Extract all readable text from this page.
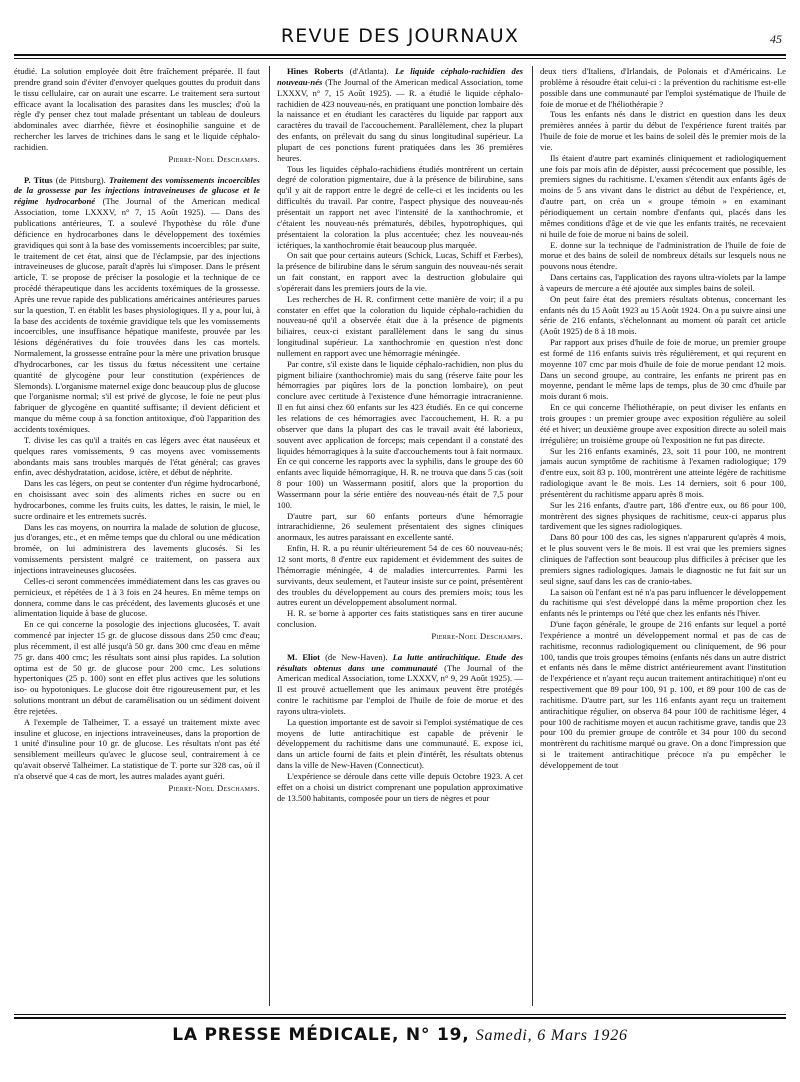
REVUE DES JOURNAUX	45

étudié. La solution employée doit être fraîchement préparée. Il faut prendre grand soin d'éviter d'envoyer quelques gouttes du produit dans le tissu cellulaire, car on aurait une escarre. Le traitement sera surtout efficace avant la localisation des parasites dans les muscles; d'où la règle d'y penser chez tout malade présentant un tableau de douleurs abdominales avec diarrhée, fièvre et éosinophilie sanguine et de rechercher les larves de trichines dans le sang et le liquide céphalo-rachidien.

Pierre-Noel Deschamps.

P. Titus (de Pittsburg). Traitement des vomissements incoercibles de la grossesse par les injections intraveineuses de glucose et le régime hydrocarboné (The Journal of the American medical Association, tome LXXXV, n° 7, 15 Août 1925). — Dans des publications antérieures, T. a soulevé l'hypothèse du rôle d'une déficience en hydrocarbones dans le développement des toxémies gravidiques qui sont à la base des vomissements incoercibles; par suite, le traitement de cet état, ainsi que de l'éclampsie, par des injections intraveineuses de glucose, paraît d'après lui s'imposer. Dans le présent article, T. se propose de préciser la posologie et la technique de ce procédé thérapeutique dans les accidents toxémiques de la grossesse. Après une revue rapide des publications américaines antérieures parues sur la question, T. en établit les bases physiologiques. Il y a, pour lui, à la base des accidents de toxémie gravidique tels que les vomissements incoercibles, une insuffisance hépatique manifeste, prouvée par les lésions dégénératives du foie trouvées dans les cas mortels. Normalement, la grossesse entraîne pour la mère une privation brusque d'hydrocarbones, car les tissus du fœtus nécessitent une certaine quantité de glycogène pour leur constitution (expériences de Slemonds). L'organisme maternel exige donc beaucoup plus de glucose que l'organisme normal; s'il est privé de glycose, le foie ne peut plus fabriquer de glycogène en quantité suffisante; il devient déficient et manque du même coup à sa fonction antitoxique, d'où l'apparition des accidents toxémiques.

T. divise les cas qu'il a traités en cas légers avec état nauséeux et quelques rares vomissements, 9 cas moyens avec vomissements abondants mais sans troubles marqués de l'état général; cas graves enfin, avec déshydratation, acidose, ictère, et début de néphrite.

Dans les cas légers, on peut se contenter d'un régime hydrocarboné, en choisissant avec soin des aliments riches en sucre ou en hydrocarbones, comme les fruits cuits, les dattes, le raisin, le miel, le sucre ordinaire et les entremets sucrés.

Dans les cas moyens, on nourrira la malade de solution de glucose, jus d'oranges, etc., et en même temps que du chloral ou une médication bromée, on lui administrera des lavements glucosés. Si les vomissements persistent malgré ce traitement, on passera aux injections intraveineuses glucosées.

Celles-ci seront commencées immédiatement dans les cas graves ou pernicieux, et répétées de 1 à 3 fois en 24 heures. En même temps on donnera, comme dans le cas précédent, des lavements glucosés et une alimentation liquide à base de glucose.

En ce qui concerne la posologie des injections glucosées, T. avait commencé par injecter 15 gr. de glucose dissous dans 250 cmc d'eau; plus récemment, il est allé jusqu'à 50 gr. dans 300 cmc d'eau en même 75 gr. dans 400 cmc; les résultats sont ainsi plus rapides. La solution optima est de 50 gr. de glucose pour 200 cmc. Les solutions hypertoniques (25 p. 100) sont en effet plus actives que les solutions iso- ou hypotoniques. Le glucose doit être rigoureusement pur, et les solutions montrant un début de caramélisation ou un sédiment doivent être rejetées.

A l'exemple de Talheimer, T. a essayé un traitement mixte avec insuline et glucose, en injections intraveineuses, dans la proportion de 1 unité d'insuline pour 10 gr. de glucose. Les résultats n'ont pas été sensiblement meilleurs qu'avec le glucose seul, contrairement à ce qu'avait observé Talheimer. La statistique de T. porte sur 328 cas, où il n'a observé que 4 cas de mort, les autres malades ayant guéri.

Pierre-Noel Deschamps.

Hines Roberts (d'Atlanta). Le liquide céphalo-rachidien des nouveau-nés (The Journal of the American medical Association, tome LXXXV, n° 7, 15 Août 1925). — R. a étudié le liquide céphalo-rachidien de 423 nouveau-nés, en pratiquant une ponction lombaire dès la naissance et en étudiant les caractères du liquide par rapport aux caractères du travail de l'accouchement. Parallèlement, chez la plupart des enfants, on prélevait du sang du sinus longitudinal supérieur. La plupart de ces ponctions furent pratiquées dans les 36 premières heures.

Tous les liquides céphalo-rachidiens étudiés montrèrent un certain degré de coloration pigmentaire, due à la présence de bilirubine, sans qu'il y ait de rapport entre le degré de celle-ci et les incidents ou les difficultés du travail. Par contre, l'aspect physique des nouveau-nés présentait un rapport net avec l'intensité de la xanthochromie, et c'étaient les nouveau-nés prématurés, débiles, hypotrophiques, qui présentaient la coloration la plus accentuée; chez les nouveau-nés ictériques, la xanthochromie était beaucoup plus marquée.

On sait que pour certains auteurs (Schick, Lucas, Schiff et Færbes), la présence de bilirubine dans le sérum sanguin des nouveau-nés serait un fait constant, en rapport avec la destruction globulaire qui s'opérerait dans les premiers jours de la vie.

Les recherches de H. R. confirment cette manière de voir; il a pu constater en effet que la coloration du liquide céphalo-rachidien du nouveau-né qu'il a observée était due à la présence de pigments biliaires, ceux-ci existant parallèlement dans le sang du sinus longitudinal supérieur. La xanthochromie en question n'est donc nullement en rapport avec une hémorragie méningée.

Par contre, s'il existe dans le liquide céphalo-rachidien, non plus du pigment biliaire (xanthochromie) mais du sang (réserve faite pour les hémorragies par piqûres lors de la ponction lombaire), on peut conclure avec certitude à l'existence d'une hémorragie intracranienne. Il en fut ainsi chez 60 enfants sur les 423 étudiés. En ce qui concerne les relations de ces hémorragies avec l'accouchement, H. R. a pu observer que dans la plupart des cas le travail avait été laborieux, souvent avec application de forceps; mais cependant il a constaté des liquides hémorragiques à la suite d'accouchements tout à fait normaux. En ce qui concerne les rapports avec la syphilis, dans le groupe des 60 enfants avec liquide hémorragique, H. R. ne trouva que dans 5 cas (soit 8 pour 100) un Wassermann positif, alors que la proportion du Wassermann pour la série entière des nouveau-nés était de 7,5 pour 100.

D'autre part, sur 60 enfants porteurs d'une hémorragie intrarachidienne, 26 seulement présentaient des signes cliniques anormaux, les autres paraissant en excellente santé.

Enfin, H. R. a pu réunir ultérieurement 54 de ces 60 nouveau-nés; 12 sont morts, 8 d'entre eux rapidement et évidemment des suites de l'hémorragie méningée, 4 de maladies intercurrentes. Parmi les survivants, deux seulement, et l'auteur insiste sur ce point, présentèrent des troubles du développement au cours des premiers mois; tous les autres eurent un développement absolument normal.

H. R. se borne à apporter ces faits statistiques sans en tirer aucune conclusion.

Pierre-Noel Deschamps.

M. Eliot (de New-Haven). La lutte antirachitique. Etude des résultats obtenus dans une communauté (The Journal of the American medical Association, tome LXXXV, n° 9, 29 Août 1925). — Il est prouvé actuellement que les animaux peuvent être protégés contre le rachitisme par l'emploi de l'huile de foie de morue et des rayons ultra-violets.

La question importante est de savoir si l'emploi systématique de ces moyens de lutte antirachitique est capable de prévenir le développement du rachitisme dans une communauté. E. expose ici, dans un article fourni de faits et plein d'intérêt, les résultats obtenus dans la ville de New-Haven (Connecticut).

L'expérience se déroule dans cette ville depuis Octobre 1923. A cet effet on a choisi un district comprenant une population approximative de 13.500 habitants, composée pour un tiers de nègres et pour

deux tiers d'Italiens, d'Irlandais, de Polonais et d'Américains. Le problème à résoudre était celui-ci : la prévention du rachitisme est-elle possible dans une communauté par l'emploi systématique de l'huile de foie de morue et de l'héliothérapie ?

Tous les enfants nés dans le district en question dans les deux premières années à partir du début de l'expérience furent traités par l'huile de foie de morue et les bains de soleil dès le premier mois de la vie.

Ils étaient d'autre part examinés cliniquement et radiologiquement une fois par mois afin de dépister, aussi précocement que possible, les premiers signes du rachitisme. L'examen s'étendit aux enfants âgés de moins de 5 ans vivant dans le district au début de l'expérience, et, d'autre part, on créa un « groupe témoin » en examinant périodiquement un certain nombre d'enfants qui, placés dans les mêmes conditions d'âge et de vie que les enfants traités, ne recevaient ni huile de foie de morue ni bains de soleil.

E. donne sur la technique de l'administration de l'huile de foie de morue et des bains de soleil de nombreux détails sur lesquels nous ne pouvons nous étendre.

Dans certains cas, l'application des rayons ultra-violets par la lampe à vapeurs de mercure a été ajoutée aux simples bains de soleil.

On peut faire état des premiers résultats obtenus, concernant les enfants nés du 15 Août 1923 au 15 Août 1924. On a pu suivre ainsi une série de 216 enfants, s'échelonnant au moment où paraît cet article (Août 1925) de 8 à 18 mois.

Par rapport aux prises d'huile de foie de morue, un premier groupe est formé de 116 enfants suivis très régulièrement, et qui reçurent en moyenne 107 cmc par mois d'huile de foie de morue pendant 12 mois. Dans un second groupe, au contraire, les enfants ne prirent pas en moyenne, pendant le même laps de temps, plus de 30 cmc d'huile par mois durant 6 mois.

En ce qui concerne l'héliothérapie, on peut diviser les enfants en trois groupes : un premier groupe avec exposition régulière au soleil été et hiver; un deuxième groupe avec exposition directe au soleil mais irrégulière; un troisième groupe où l'exposition ne fut pas directe.

Sur les 216 enfants examinés, 23, soit 11 pour 100, ne montrent jamais aucun symptôme de rachitisme à l'examen radiologique; 179 d'entre eux, soit 83 p. 100, montrèrent une atteinte légère de rachitisme radiologique avant le 8e mois. Les 14 derniers, soit 6 pour 100, présentèrent du rachitisme apparu après 8 mois.

Sur les 216 enfants, d'autre part, 186 d'entre eux, ou 86 pour 100, montrèrent des signes physiques de rachitisme, ceux-ci apparus plus tardivement que les signes radiologiques.

Dans 80 pour 100 des cas, les signes n'apparurent qu'après 4 mois, et le plus souvent vers le 8e mois. Il est vrai que les premiers signes cliniques de l'affection sont beaucoup plus difficiles à préciser que les premiers signes radiologiques. Jamais le diagnostic ne fut fait sur un seul signe, sauf dans les cas de craniо-tabes.

La saison où l'enfant est né n'a pas paru influencer le développement du rachitisme qui s'est développé dans la même proportion chez les enfants nés le printemps ou l'été que chez les enfants nés l'hiver.

D'une façon générale, le groupe de 216 enfants sur lequel a porté l'expérience a montré un développement normal et pas de cas de rachitisme, reconnus radiologiquement ou cliniquement, de 96 pour 100, tandis que trois groupes témoins (enfants nés dans un autre district et enfants nés dans le même district antérieurement avant l'institution de l'expérience et n'ayant reçu aucun traitement antirachitique) n'ont eu respectivement que 89 pour 100, 91 p. 100, et 89 pour 100 de cas de rachitisme. D'autre part, sur les 116 enfants ayant reçu un traitement antirachitique régulier, on observa 84 pour 100 de rachitisme léger, 4 pour 100 de rachitisme moyen et aucun rachitisme grave, tandis que 23 pour 100 du premier groupe de contrôle et 34 pour 100 du second montrèrent du rachitisme marqué ou grave. On a donc l'impression que si le traitement antirachitique précoce n'a pu empêcher le développement de tout

LA PRESSE MÉDICALE, N° 19, Samedi, 6 Mars 1926
